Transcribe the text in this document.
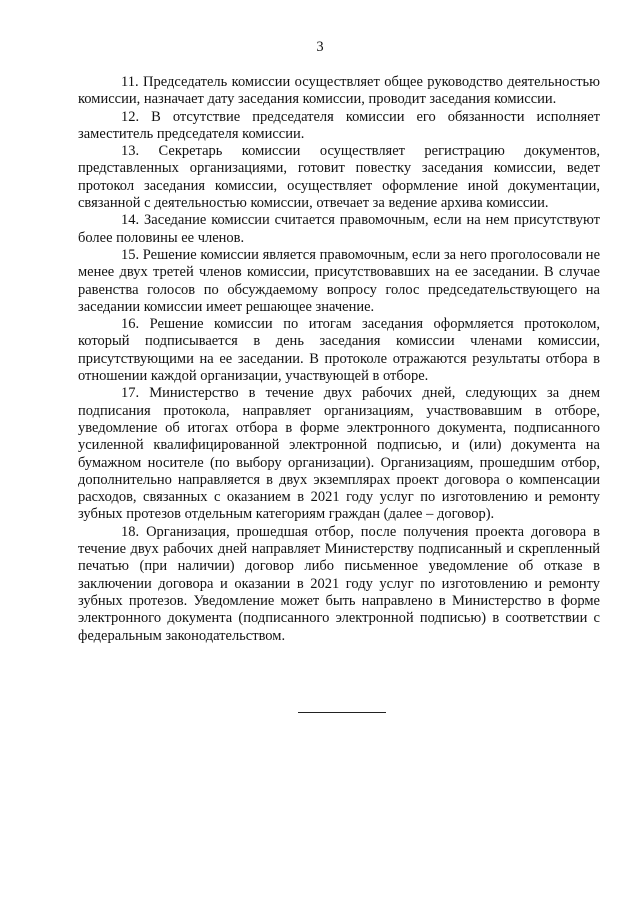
3

11. Председатель комиссии осуществляет общее руководство деятельностью комиссии, назначает дату заседания комиссии, проводит заседания комиссии.

12. В отсутствие председателя комиссии его обязанности исполняет заместитель председателя комиссии.

13. Секретарь комиссии осуществляет регистрацию документов, представленных организациями, готовит повестку заседания комиссии, ведет протокол заседания комиссии, осуществляет оформление иной документации, связанной с деятельностью комиссии, отвечает за ведение архива комиссии.

14. Заседание комиссии считается правомочным, если на нем присутствуют более половины ее членов.

15. Решение комиссии является правомочным, если за него проголосовали не менее двух третей членов комиссии, присутствовавших на ее заседании. В случае равенства голосов по обсуждаемому вопросу голос председательствующего на заседании комиссии имеет решающее значение.

16. Решение комиссии по итогам заседания оформляется протоколом, который подписывается в день заседания комиссии членами комиссии, присутствующими на ее заседании. В протоколе отражаются результаты отбора в отношении каждой организации, участвующей в отборе.

17. Министерство в течение двух рабочих дней, следующих за днем подписания протокола, направляет организациям, участвовавшим в отборе, уведомление об итогах отбора в форме электронного документа, подписанного усиленной квалифицированной электронной подписью, и (или) документа на бумажном носителе (по выбору организации). Организациям, прошедшим отбор, дополнительно направляется в двух экземплярах проект договора о компенсации расходов, связанных с оказанием в 2021 году услуг по изготовлению и ремонту зубных протезов отдельным категориям граждан (далее – договор).

18. Организация, прошедшая отбор, после получения проекта договора в течение двух рабочих дней направляет Министерству подписанный и скрепленный печатью (при наличии) договор либо письменное уведомление об отказе в заключении договора и оказании в 2021 году услуг по изготовлению и ремонту зубных протезов. Уведомление может быть направлено в Министерство в форме электронного документа (подписанного электронной подписью) в соответствии с федеральным законодательством.
